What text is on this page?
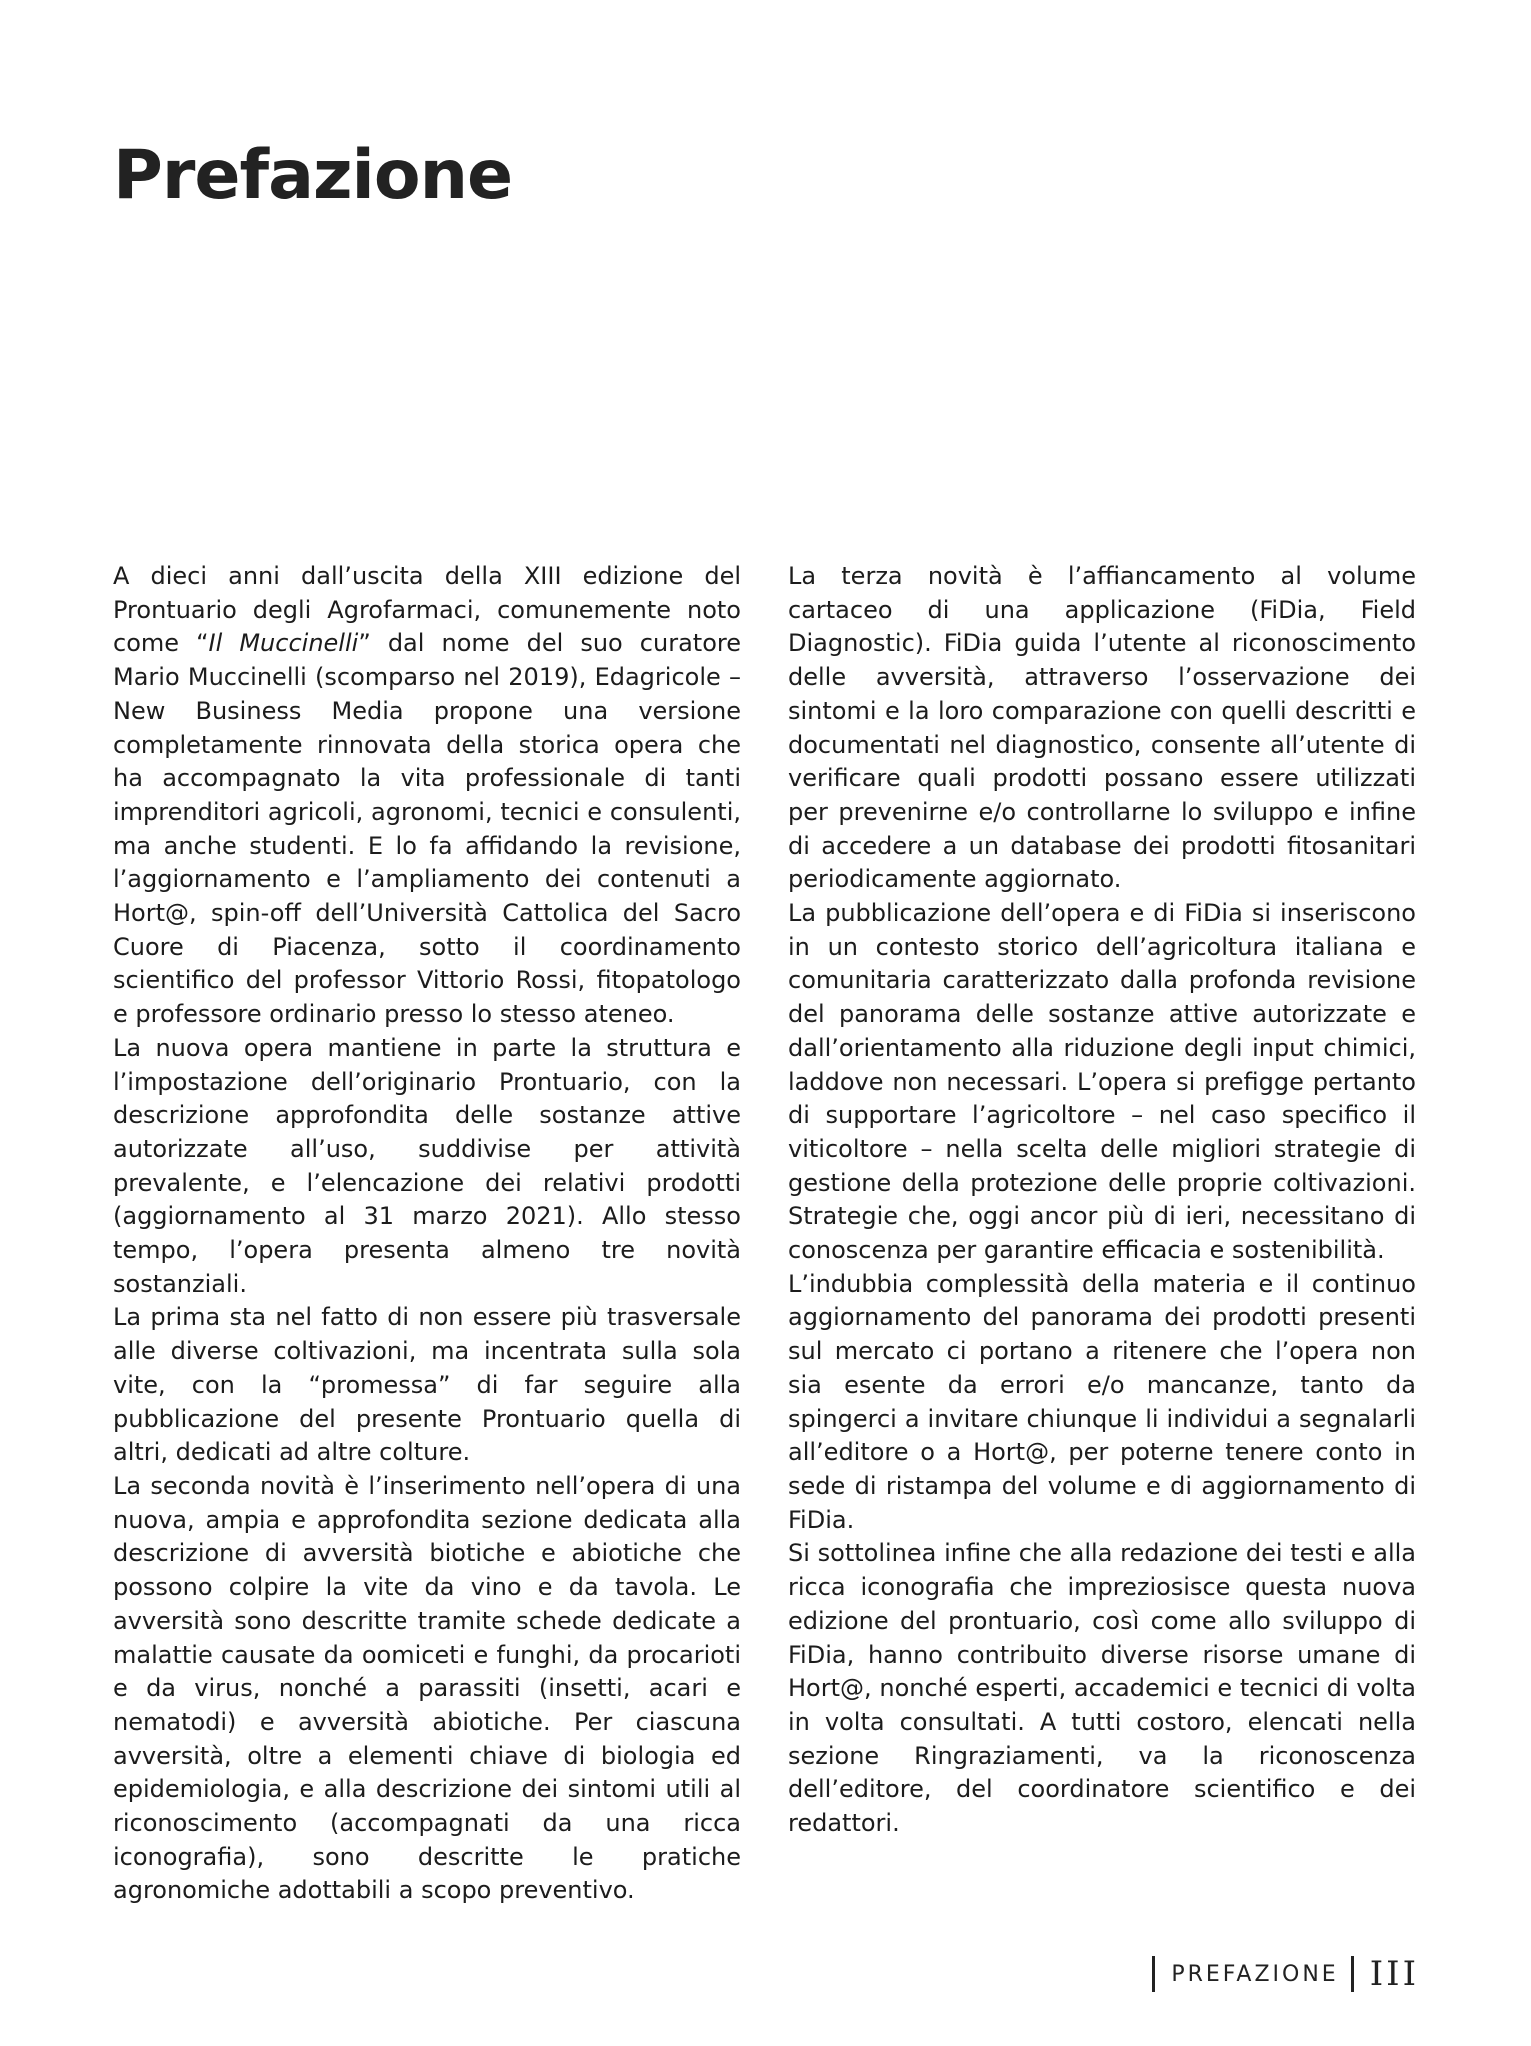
Prefazione

A dieci anni dall’uscita della XIII edizione del Prontuario degli Agrofarmaci, comunemente noto come “Il Muccinelli” dal nome del suo curatore Mario Muccinelli (scomparso nel 2019), Edagricole – New Business Media propone una versione completamente rinnovata della storica opera che ha accompagnato la vita professionale di tanti imprenditori agricoli, agronomi, tecnici e consulenti, ma anche studenti. E lo fa affidando la revisione, l’aggiornamento e l’ampliamento dei contenuti a Hort@, spin-off dell’Università Cattolica del Sacro Cuore di Piacenza, sotto il coordinamento scientifico del professor Vittorio Rossi, fitopatologo e professore ordinario presso lo stesso ateneo.

La nuova opera mantiene in parte la struttura e l’impostazione dell’originario Prontuario, con la descrizione approfondita delle sostanze attive autorizzate all’uso, suddivise per attività prevalente, e l’elencazione dei relativi prodotti (aggiornamento al 31 marzo 2021). Allo stesso tempo, l’opera presenta almeno tre novità sostanziali.

La prima sta nel fatto di non essere più trasversale alle diverse coltivazioni, ma incentrata sulla sola vite, con la “promessa” di far seguire alla pubblicazione del presente Prontuario quella di altri, dedicati ad altre colture.

La seconda novità è l’inserimento nell’opera di una nuova, ampia e approfondita sezione dedicata alla descrizione di avversità biotiche e abiotiche che possono colpire la vite da vino e da tavola. Le avversità sono descritte tramite schede dedicate a malattie causate da oomiceti e funghi, da procarioti e da virus, nonché a parassiti (insetti, acari e nematodi) e avversità abiotiche. Per ciascuna avversità, oltre a elementi chiave di biologia ed epidemiologia, e alla descrizione dei sintomi utili al riconoscimento (accompagnati da una ricca iconografia), sono descritte le pratiche agronomiche adottabili a scopo preventivo.

La terza novità è l’affiancamento al volume cartaceo di una applicazione (FiDia, Field Diagnostic). FiDia guida l’utente al riconoscimento delle avversità, attraverso l’osservazione dei sintomi e la loro comparazione con quelli descritti e documentati nel diagnostico, consente all’utente di verificare quali prodotti possano essere utilizzati per prevenirne e/o controllarne lo sviluppo e infine di accedere a un database dei prodotti fitosanitari periodicamente aggiornato.

La pubblicazione dell’opera e di FiDia si inseriscono in un contesto storico dell’agricoltura italiana e comunitaria caratterizzato dalla profonda revisione del panorama delle sostanze attive autorizzate e dall’orientamento alla riduzione degli input chimici, laddove non necessari. L’opera si prefigge pertanto di supportare l’agricoltore – nel caso specifico il viticoltore – nella scelta delle migliori strategie di gestione della protezione delle proprie coltivazioni. Strategie che, oggi ancor più di ieri, necessitano di conoscenza per garantire efficacia e sostenibilità.

L’indubbia complessità della materia e il continuo aggiornamento del panorama dei prodotti presenti sul mercato ci portano a ritenere che l’opera non sia esente da errori e/o mancanze, tanto da spingerci a invitare chiunque li individui a segnalarli all’editore o a Hort@, per poterne tenere conto in sede di ristampa del volume e di aggiornamento di FiDia.

Si sottolinea infine che alla redazione dei testi e alla ricca iconografia che impreziosisce questa nuova edizione del prontuario, così come allo sviluppo di FiDia, hanno contribuito diverse risorse umane di Hort@, nonché esperti, accademici e tecnici di volta in volta consultati. A tutti costoro, elencati nella sezione Ringraziamenti, va la riconoscenza dell’editore, del coordinatore scientifico e dei redattori.

PREFAZIONE III
